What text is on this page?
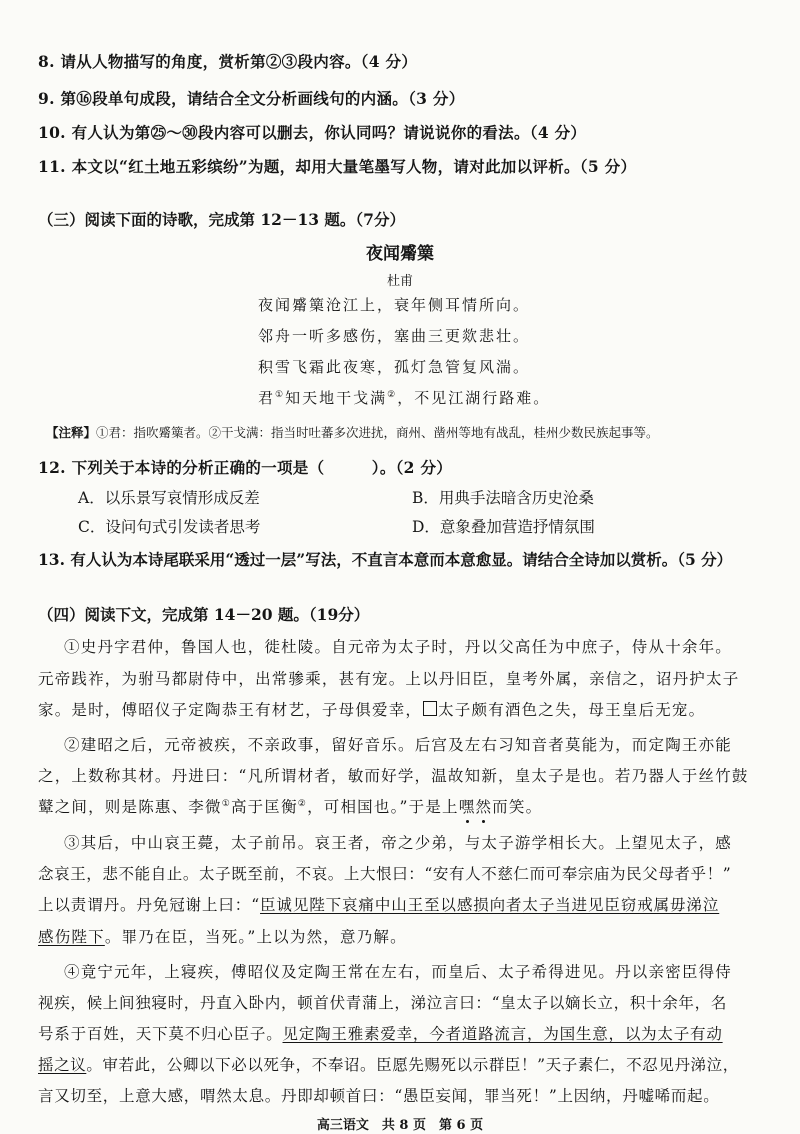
8. 请从人物描写的角度，赏析第②③段内容。（4 分）
9. 第⑯段单句成段，请结合全文分析画线句的内涵。（3 分）
10. 有人认为第㉕～㉚段内容可以删去，你认同吗？请说说你的看法。（4 分）
11. 本文以“红土地五彩缤纷”为题，却用大量笔墨写人物，请对此加以评析。（5 分）
（三）阅读下面的诗歌，完成第 12－13 题。（7分）
夜闻觱篥
杜甫
夜闻觱篥沧江上，衰年侧耳情所向。
邻舟一听多感伤，塞曲三更欻悲壮。
积雪飞霜此夜寒，孤灯急管复风湍。
君①知天地干戈满②，不见江湖行路难。
【注释】①君：指吹觱篥者。②干戈满：指当时吐蕃多次进扰，商州、凿州等地有战乱，桂州少数民族起事等。
12. 下列关于本诗的分析正确的一项是（　　　）。（2 分）
A．以乐景写哀情形成反差	B．用典手法暗含历史沧桑
C．设问句式引发读者思考	D．意象叠加营造抒情氛围
13. 有人认为本诗尾联采用“透过一层”写法，不直言本意而本意愈显。请结合全诗加以赏析。（5 分）
（四）阅读下文，完成第 14－20 题。（19分）
①史丹字君仲，鲁国人也，徙杜陵。自元帝为太子时，丹以父高任为中庶子，侍从十余年。
元帝践祚，为驸马都尉侍中，出常骖乘，甚有宠。上以丹旧臣，皇考外属，亲信之，诏丹护太子
家。是时，傅昭仪子定陶恭王有材艺，子母俱爱幸， 太子颇有酒色之失，母王皇后无宠。
②建昭之后，元帝被疾，不亲政事，留好音乐。后宫及左右习知音者莫能为，而定陶王亦能
之，上数称其材。丹进曰：“凡所谓材者，敏而好学，温故知新，皇太子是也。若乃器人于丝竹鼓
鼙之间，则是陈惠、李微①高于匡衡②，可相国也。”于是上嘿然而笑。
③其后，中山哀王薨，太子前吊。哀王者，帝之少弟，与太子游学相长大。上望见太子，感
念哀王，悲不能自止。太子既至前，不哀。上大恨曰：“安有人不慈仁而可奉宗庙为民父母者乎！”
上以责谓丹。丹免冠谢上曰：“臣诚见陛下哀痛中山王至以感损向者太子当进见臣窃戒属毋涕泣
感伤陛下。罪乃在臣，当死。”上以为然，意乃解。
④竟宁元年，上寝疾，傅昭仪及定陶王常在左右，而皇后、太子希得进见。丹以亲密臣得侍
视疾，候上间独寝时，丹直入卧内，顿首伏青蒲上，涕泣言曰：“皇太子以嫡长立，积十余年，名
号系于百姓，天下莫不归心臣子。见定陶王雅素爱幸，今者道路流言，为国生意，以为太子有动
摇之议。审若此，公卿以下必以死争，不奉诏。臣愿先赐死以示群臣！”天子素仁，不忍见丹涕泣，
言又切至，上意大感，喟然太息。丹即却顿首曰：“愚臣妄闻，罪当死！”上因纳，丹嘘唏而起。
高三语文　共 8 页　第 6 页
